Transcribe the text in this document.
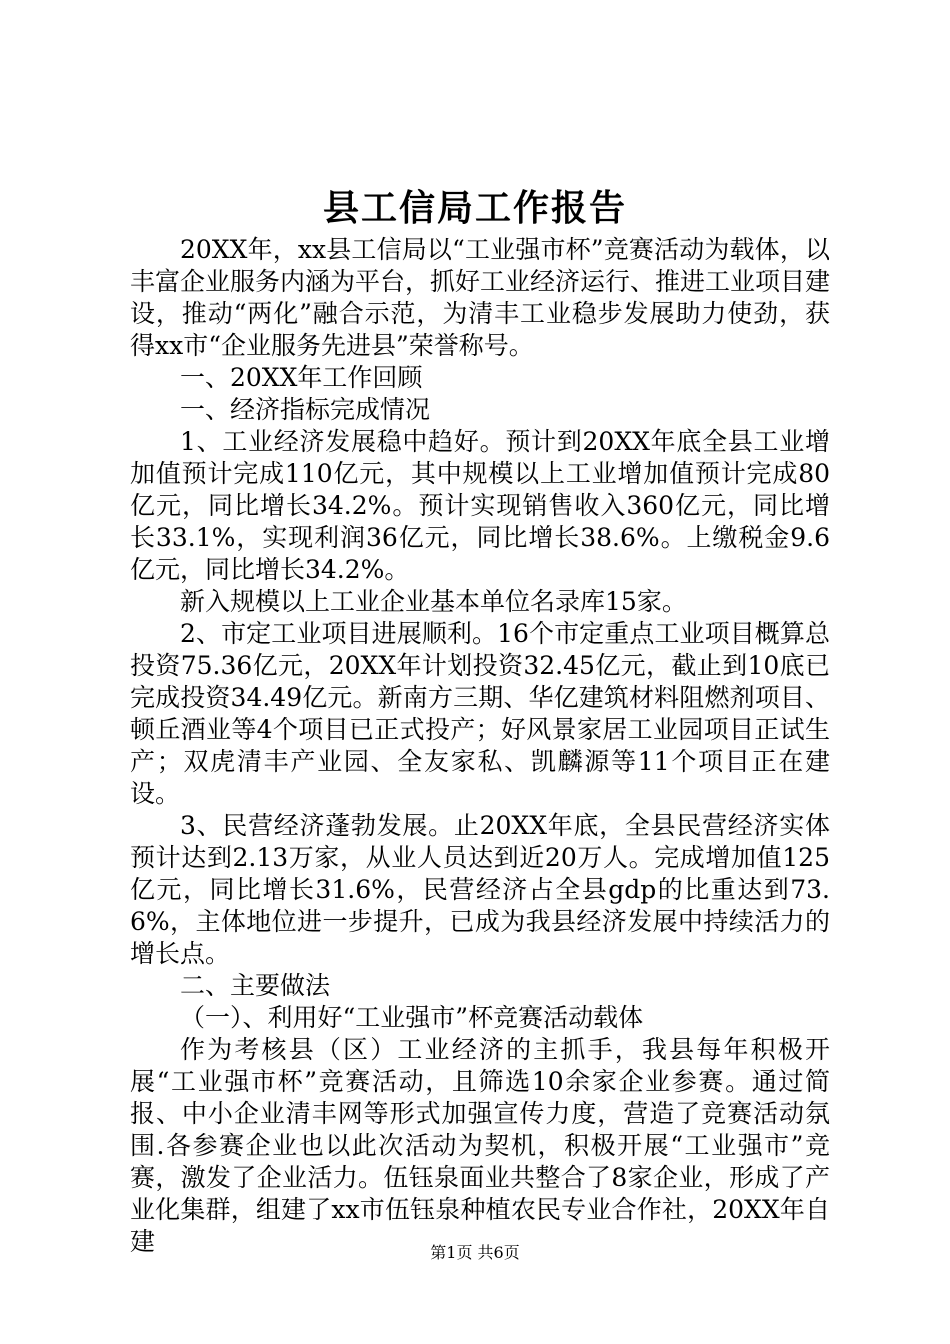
县工信局工作报告

20XX年，xx县工信局以“工业强市杯”竞赛活动为载体，以丰富企业服务内涵为平台，抓好工业经济运行、推进工业项目建设，推动“两化”融合示范，为清丰工业稳步发展助力使劲，获得xx市“企业服务先进县”荣誉称号。

一、20XX年工作回顾

一、经济指标完成情况

1、工业经济发展稳中趋好。预计到20XX年底全县工业增加值预计完成110亿元，其中规模以上工业增加值预计完成80亿元，同比增长34.2%。预计实现销售收入360亿元，同比增长33.1%，实现利润36亿元，同比增长38.6%。上缴税金9.6亿元，同比增长34.2%。

新入规模以上工业企业基本单位名录库15家。

2、市定工业项目进展顺利。16个市定重点工业项目概算总投资75.36亿元，20XX年计划投资32.45亿元，截止到10底已完成投资34.49亿元。新南方三期、华亿建筑材料阻燃剂项目、顿丘酒业等4个项目已正式投产；好风景家居工业园项目正试生产；双虎清丰产业园、全友家私、凯麟源等11个项目正在建设。

3、民营经济蓬勃发展。止20XX年底，全县民营经济实体预计达到2.13万家，从业人员达到近20万人。完成增加值125亿元，同比增长31.6%，民营经济占全县gdp的比重达到73.6%，主体地位进一步提升，已成为我县经济发展中持续活力的增长点。

二、主要做法

（一）、利用好“工业强市”杯竞赛活动载体

作为考核县（区）工业经济的主抓手，我县每年积极开展“工业强市杯”竞赛活动，且筛选10余家企业参赛。通过简报、中小企业清丰网等形式加强宣传力度，营造了竞赛活动氛围.各参赛企业也以此次活动为契机，积极开展“工业强市”竞赛，激发了企业活力。伍钰泉面业共整合了8家企业，形成了产业化集群，组建了xx市伍钰泉种植农民专业合作社，20XX年自建	第1页 共6页
